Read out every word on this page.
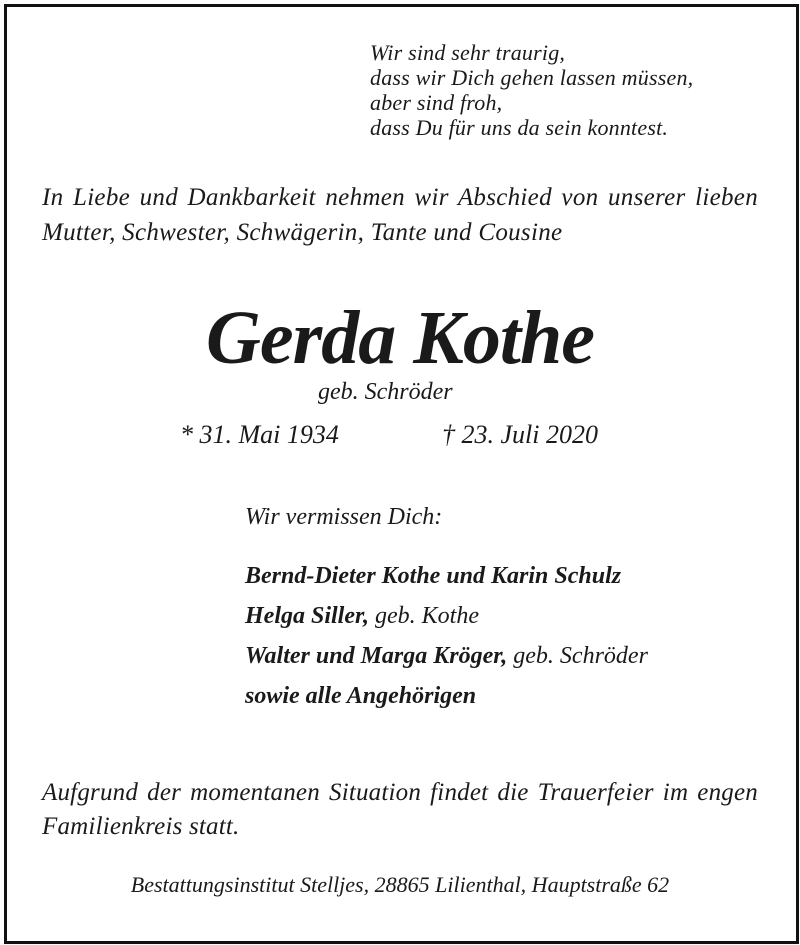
Wir sind sehr traurig,
dass wir Dich gehen lassen müssen,
aber sind froh,
dass Du für uns da sein konntest.
In Liebe und Dankbarkeit nehmen wir Abschied von unserer lieben Mutter, Schwester, Schwägerin, Tante und Cousine
Gerda Kothe
geb. Schröder
* 31. Mai 1934	† 23. Juli 2020
Wir vermissen Dich:
Bernd-Dieter Kothe und Karin Schulz
Helga Siller, geb. Kothe
Walter und Marga Kröger, geb. Schröder
sowie alle Angehörigen
Aufgrund der momentanen Situation findet die Trauerfeier im engen Familienkreis statt.
Bestattungsinstitut Stelljes, 28865 Lilienthal, Hauptstraße 62
